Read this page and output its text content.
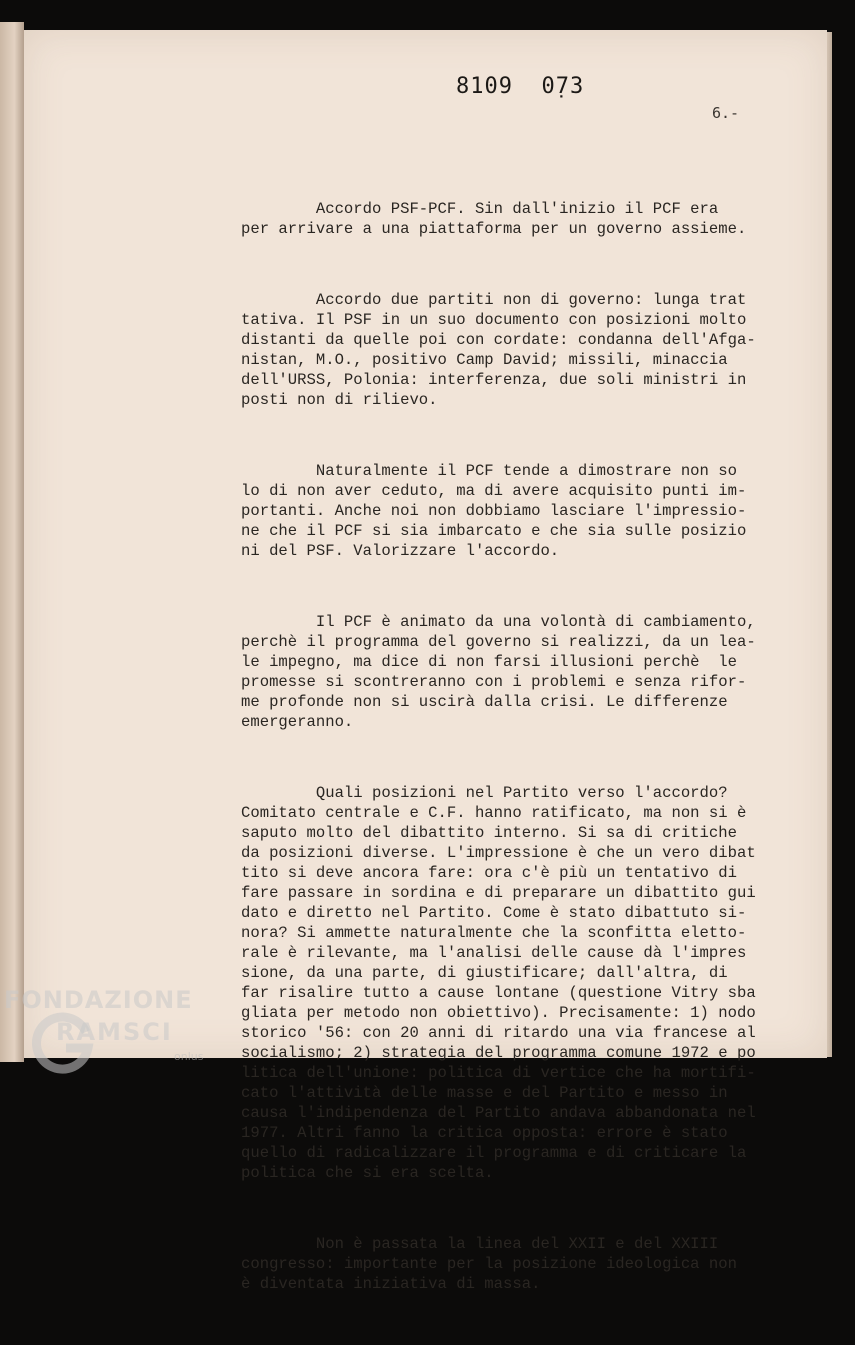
8109  0̣73
6.-

Accordo PSF-PCF. Sin dall'inizio il PCF era
per arrivare a una piattaforma per un governo assieme.

Accordo due partiti non di governo: lunga trat
tativa. Il PSF in un suo documento con posizioni molto
distanti da quelle poi con cordate: condanna dell'Afga-
nistan, M.O., positivo Camp David; missili, minaccia
dell'URSS, Polonia: interferenza, due soli ministri in
posti non di rilievo.

Naturalmente il PCF tende a dimostrare non so
lo di non aver ceduto, ma di avere acquisito punti im-
portanti. Anche noi non dobbiamo lasciare l'impressio-
ne che il PCF si sia imbarcato e che sia sulle posizio
ni del PSF. Valorizzare l'accordo.

Il PCF è animato da una volontà di cambiamento,
perchè il programma del governo si realizzi, da un lea-
le impegno, ma dice di non farsi illusioni perchè  le
promesse si scontreranno con i problemi e senza rifor-
me profonde non si uscirà dalla crisi. Le differenze
emergeranno.

Quali posizioni nel Partito verso l'accordo?
Comitato centrale e C.F. hanno ratificato, ma non si è
saputo molto del dibattito interno. Si sa di critiche
da posizioni diverse. L'impressione è che un vero dibat
tito si deve ancora fare: ora c'è più un tentativo di
fare passare in sordina e di preparare un dibattito gui
dato e diretto nel Partito. Come è stato dibattuto si-
nora? Si ammette naturalmente che la sconfitta eletto-
rale è rilevante, ma l'analisi delle cause dà l'impres
sione, da una parte, di giustificare; dall'altra, di
far risalire tutto a cause lontane (questione Vitry sba
gliata per metodo non obiettivo). Precisamente: 1) nodo
storico '56: con 20 anni di ritardo una via francese al
socialismo; 2) strategia del programma comune 1972 e po
litica dell'unione: politica di vertice che ha mortifi-
cato l'attività delle masse e del Partito e messo in
causa l'indipendenza del Partito andava abbandonata nel
1977. Altri fanno la critica opposta: errore è stato
quello di radicalizzare il programma e di criticare la
politica che si era scelta.

Non è passata la linea del XXII e del XXIII
congresso: importante per la posizione ideologica non
è diventata iniziativa di massa.

FONDAZIONE
RAMSCI
onlus
